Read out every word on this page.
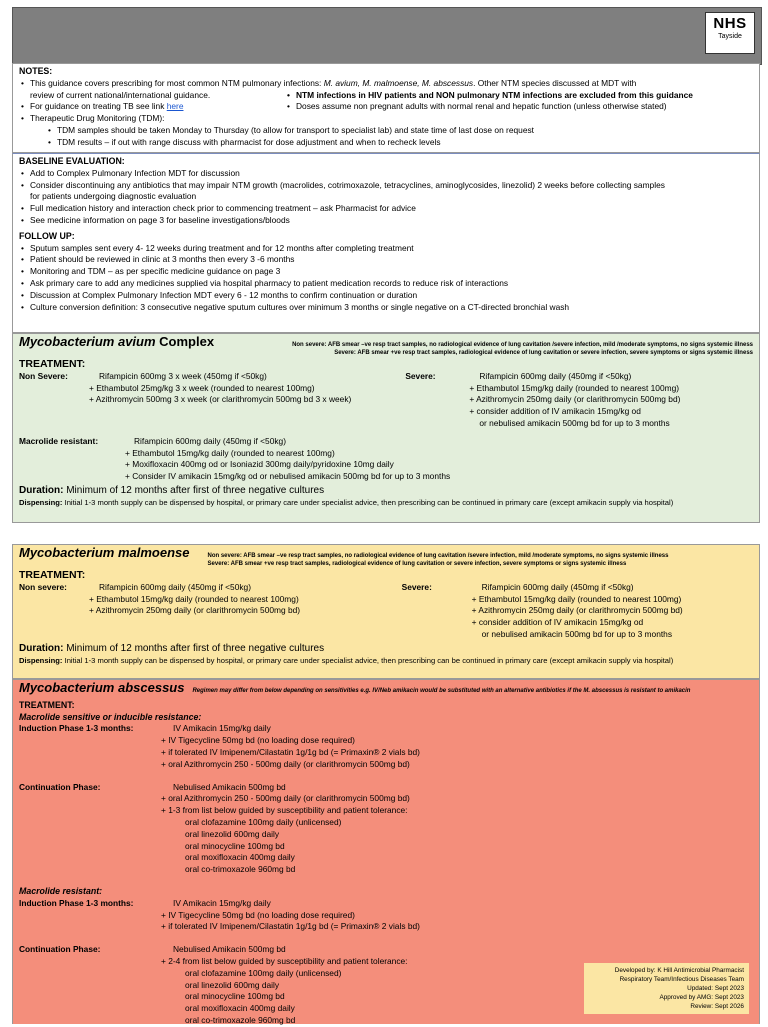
NHS
Tayside
NOTES:
• This guidance covers prescribing for most common NTM pulmonary infections: M. avium, M. malmoense, M. abscessus. Other NTM species discussed at MDT with
review of current national/international guidance.	• NTM infections in HIV patients and NON pulmonary NTM infections are excluded from this guidance
• For guidance on treating TB see link here	• Doses assume non pregnant adults with normal renal and hepatic function (unless otherwise stated)
• Therapeutic Drug Monitoring (TDM):
• TDM samples should be taken Monday to Thursday (to allow for transport to specialist lab) and state time of last dose on request
• TDM results – if out with range discuss with pharmacist for dose adjustment and when to recheck levels
BASELINE EVALUATION:
• Add to Complex Pulmonary Infection MDT for discussion
• Consider discontinuing any antibiotics that may impair NTM growth (macrolides, cotrimoxazole, tetracyclines, aminoglycosides, linezolid) 2 weeks before collecting samples
for patients undergoing diagnostic evaluation
• Full medication history and interaction check prior to commencing treatment – ask Pharmacist for advice
• See medicine information on page 3 for baseline investigations/bloods
FOLLOW UP:
• Sputum samples sent every 4- 12 weeks during treatment and for 12 months after completing treatment
• Patient should be reviewed in clinic at 3 months then every 3 -6 months
• Monitoring and TDM – as per specific medicine guidance on page 3
• Ask primary care to add any medicines supplied via hospital pharmacy to patient medication records to reduce risk of interactions
• Discussion at Complex Pulmonary Infection MDT every 6 - 12 months to confirm continuation or duration
• Culture conversion definition: 3 consecutive negative sputum cultures over minimum 3 months or single negative on a CT-directed bronchial wash
Mycobacterium avium Complex	Non severe: AFB smear –ve resp tract samples, no radiological evidence of lung cavitation /severe infection, mild /moderate symptoms, no signs systemic illness
Severe: AFB smear +ve resp tract samples, radiological evidence of lung cavitation or severe infection, severe symptoms or signs systemic illness
TREATMENT:
Non Severe:	Rifampicin 600mg 3 x week (450mg if <50kg)
+ Ethambutol 25mg/kg 3 x week (rounded to nearest 100mg)
+ Azithromycin 500mg 3 x week (or clarithromycin 500mg bd 3 x week)
Severe:	Rifampicin 600mg daily (450mg if <50kg)
+ Ethambutol 15mg/kg daily (rounded to nearest 100mg)
+ Azithromycin 250mg daily (or clarithromycin 500mg bd)
+ consider addition of IV amikacin 15mg/kg od
or nebulised amikacin 500mg bd for up to 3 months
Macrolide resistant:	Rifampicin 600mg daily (450mg if <50kg)
+ Ethambutol 15mg/kg daily (rounded to nearest 100mg)
+ Moxifloxacin 400mg od or Isoniazid 300mg daily/pyridoxine 10mg daily
+ Consider IV amikacin 15mg/kg od or nebulised amikacin 500mg bd for up to 3 months
Duration: Minimum of 12 months after first of three negative cultures
Dispensing: Initial 1-3 month supply can be dispensed by hospital, or primary care under specialist advice, then prescribing can be continued in primary care (except amikacin supply via hospital)
Mycobacterium malmoense	Non severe: AFB smear –ve resp tract samples, no radiological evidence of lung cavitation /severe infection, mild /moderate symptoms, no signs systemic illness
Severe: AFB smear +ve resp tract samples, radiological evidence of lung cavitation or severe infection, severe symptoms or signs systemic illness
TREATMENT:
Non severe:	Rifampicin 600mg daily (450mg if <50kg)
+ Ethambutol 15mg/kg daily (rounded to nearest 100mg)
+ Azithromycin 250mg daily (or clarithromycin 500mg bd)
Severe:	Rifampicin 600mg daily (450mg if <50kg)
+ Ethambutol 15mg/kg daily (rounded to nearest 100mg)
+ Azithromycin 250mg daily (or clarithromycin 500mg bd)
+ consider addition of IV amikacin 15mg/kg od
or nebulised amikacin 500mg bd for up to 3 months
Duration: Minimum of 12 months after first of three negative cultures
Dispensing: Initial 1-3 month supply can be dispensed by hospital, or primary care under specialist advice, then prescribing can be continued in primary care (except amikacin supply via hospital)
Mycobacterium abscessus Regimen may differ from below depending on sensitivities e.g. IV/Neb amikacin would be substituted with an alternative antibiotics if the M. abscessus is resistant to amikacin
TREATMENT:
Macrolide sensitive or inducible resistance:
Induction Phase 1-3 months:	IV Amikacin 15mg/kg daily
+ IV Tigecycline 50mg bd (no loading dose required)
+ if tolerated IV Imipenem/Cilastatin 1g/1g bd (= Primaxin® 2 vials bd)
+ oral Azithromycin 250 - 500mg daily (or clarithromycin 500mg bd)
Continuation Phase:	Nebulised Amikacin 500mg bd
+ oral Azithromycin 250 - 500mg daily (or clarithromycin 500mg bd)
+ 1-3 from list below guided by susceptibility and patient tolerance:
oral clofazamine 100mg daily (unlicensed)
oral linezolid 600mg daily
oral minocycline 100mg bd
oral moxifloxacin 400mg daily
oral co-trimoxazole 960mg bd
Macrolide resistant:
Induction Phase 1-3 months:	IV Amikacin 15mg/kg daily
+ IV Tigecycline 50mg bd (no loading dose required)
+ if tolerated IV Imipenem/Cilastatin 1g/1g bd (= Primaxin® 2 vials bd)
Continuation Phase:	Nebulised Amikacin 500mg bd
+ 2-4 from list below guided by susceptibility and patient tolerance:
oral clofazamine 100mg daily (unlicensed)
oral linezolid 600mg daily
oral minocycline 100mg bd
oral moxifloxacin 400mg daily
oral co-trimoxazole 960mg bd
Developed by: K Hill Antimicrobial Pharmacist
Respiratory Team/Infectious Diseases Team
Updated: Sept 2023
Approved by AMG: Sept 2023
Review: Sept 2026
